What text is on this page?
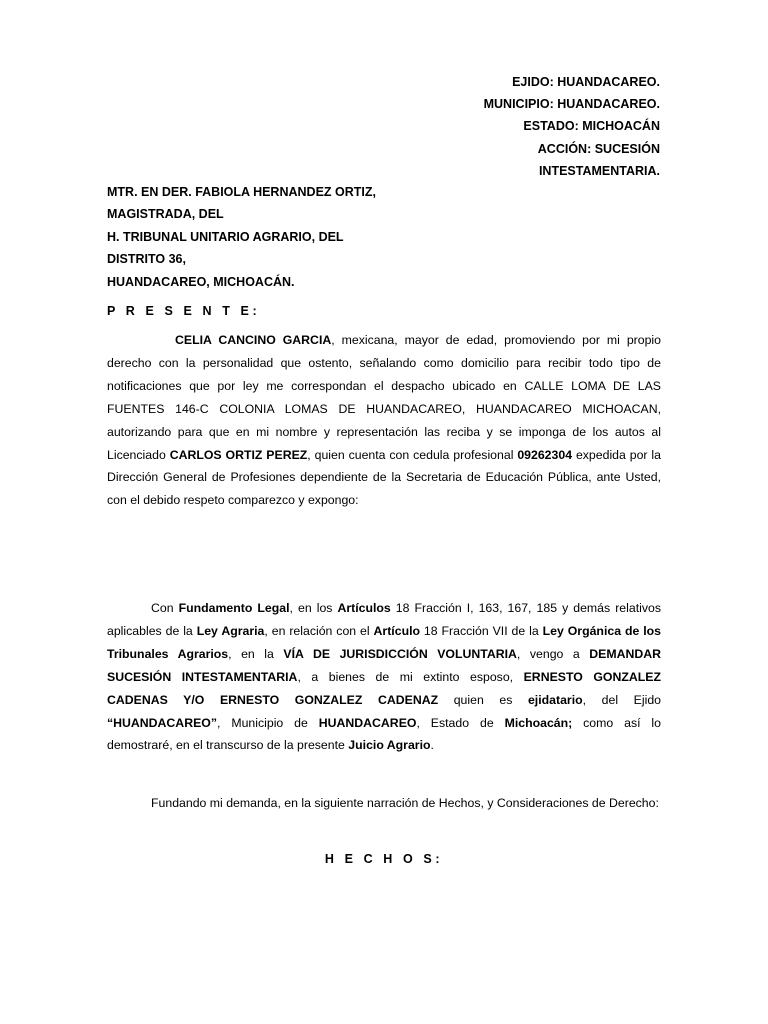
EJIDO: HUANDACAREO.
MUNICIPIO: HUANDACAREO.
ESTADO: MICHOACÁN
ACCIÓN: SUCESIÓN
INTESTAMENTARIA.
MTR. EN DER. FABIOLA HERNANDEZ ORTIZ,
MAGISTRADA, DEL
H. TRIBUNAL UNITARIO AGRARIO, DEL
DISTRITO 36,
HUANDACAREO, MICHOACÁN.
P R E S E N T E:

CELIA CANCINO GARCIA, mexicana, mayor de edad, promoviendo por mi propio derecho con la personalidad que ostento, señalando como domicilio para recibir todo tipo de notificaciones que por ley me correspondan el despacho ubicado en CALLE LOMA DE LAS FUENTES 146-C COLONIA LOMAS DE HUANDACAREO, HUANDACAREO MICHOACAN, autorizando para que en mi nombre y representación las reciba y se imponga de los autos al Licenciado CARLOS ORTIZ PEREZ, quien cuenta con cedula profesional 09262304 expedida por la Dirección General de Profesiones dependiente de la Secretaria de Educación Pública, ante Usted, con el debido respeto comparezco y expongo:

Con Fundamento Legal, en los Artículos 18 Fracción I, 163, 167, 185 y demás relativos aplicables de la Ley Agraria, en relación con el Artículo 18 Fracción VII de la Ley Orgánica de los Tribunales Agrarios, en la VÍA DE JURISDICCIÓN VOLUNTARIA, vengo a DEMANDAR SUCESIÓN INTESTAMENTARIA, a bienes de mi extinto esposo, ERNESTO GONZALEZ CADENAS Y/O ERNESTO GONZALEZ CADENAZ quien es ejidatario, del Ejido “HUANDACAREO”, Municipio de HUANDACAREO, Estado de Michoacán; como así lo demostraré, en el transcurso de la presente Juicio Agrario.

Fundando mi demanda, en la siguiente narración de Hechos, y Consideraciones de Derecho:

H E C H O S:
